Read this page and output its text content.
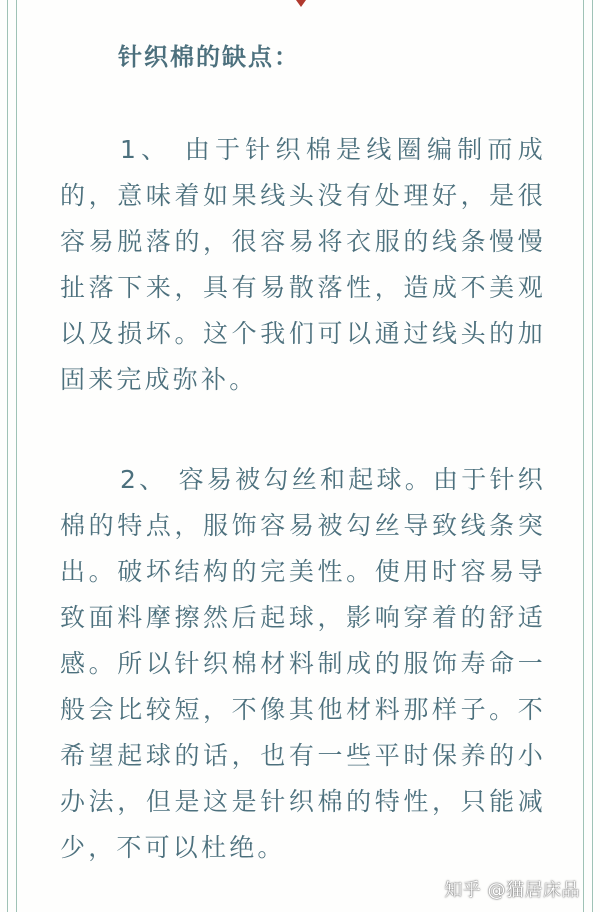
针织棉的缺点：

1、 由于针织棉是线圈编制而成的，意味着如果线头没有处理好，是很容易脱落的，很容易将衣服的线条慢慢扯落下来，具有易散落性，造成不美观以及损坏。这个我们可以通过线头的加固来完成弥补。

2、 容易被勾丝和起球。由于针织棉的特点，服饰容易被勾丝导致线条突出。破坏结构的完美性。使用时容易导致面料摩擦然后起球，影响穿着的舒适感。所以针织棉材料制成的服饰寿命一般会比较短，不像其他材料那样子。不希望起球的话，也有一些平时保养的小办法，但是这是针织棉的特性，只能减少，不可以杜绝。

知乎 @猫居床品
